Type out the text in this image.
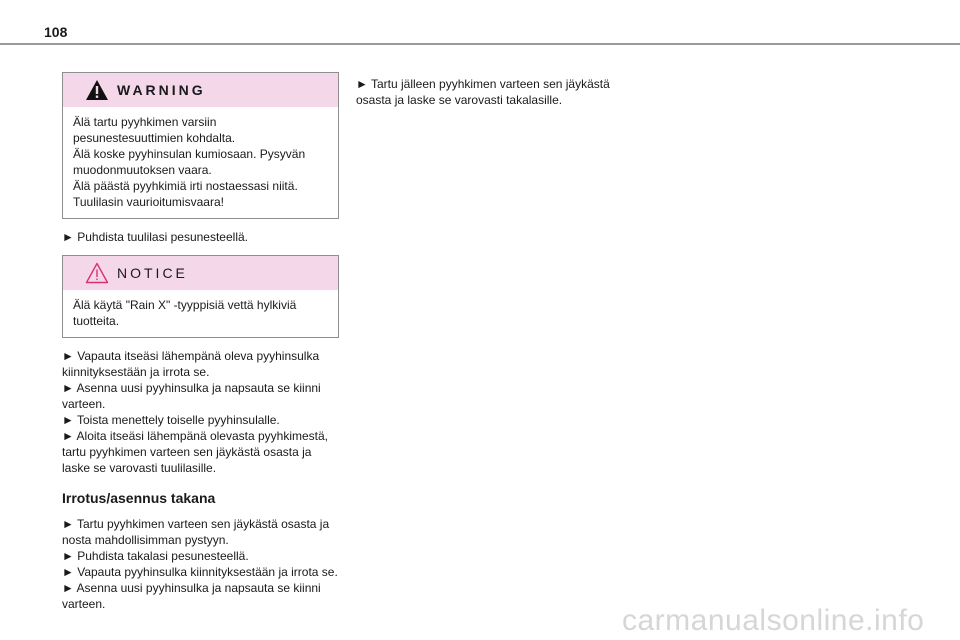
108
WARNING

Älä tartu pyyhkimen varsiin pesunestesuuttimien kohdalta.

Älä koske pyyhinsulan kumiosaan. Pysyvän muodonmuutoksen vaara.

Älä päästä pyyhkimiä irti nostaessasi niitä. Tuulilasin vaurioitumisvaara!

► Puhdista tuulilasi pesunesteellä.

NOTICE

Älä käytä "Rain X" -tyyppisiä vettä hylkiviä tuotteita.

► Vapauta itseäsi lähempänä oleva pyyhinsulka kiinnityksestään ja irrota se.

► Asenna uusi pyyhinsulka ja napsauta se kiinni varteen.

► Toista menettely toiselle pyyhinsulalle.

► Aloita itseäsi lähempänä olevasta pyyhkimestä, tartu pyyhkimen varteen sen jäykästä osasta ja laske se varovasti tuulilasille.

Irrotus/asennus takana

► Tartu pyyhkimen varteen sen jäykästä osasta ja nosta mahdollisimman pystyyn.

► Puhdista takalasi pesunesteellä.

► Vapauta pyyhinsulka kiinnityksestään ja irrota se.

► Asenna uusi pyyhinsulka ja napsauta se kiinni varteen.

► Tartu jälleen pyyhkimen varteen sen jäykästä osasta ja laske se varovasti takalasille.

carmanualsonline.info
